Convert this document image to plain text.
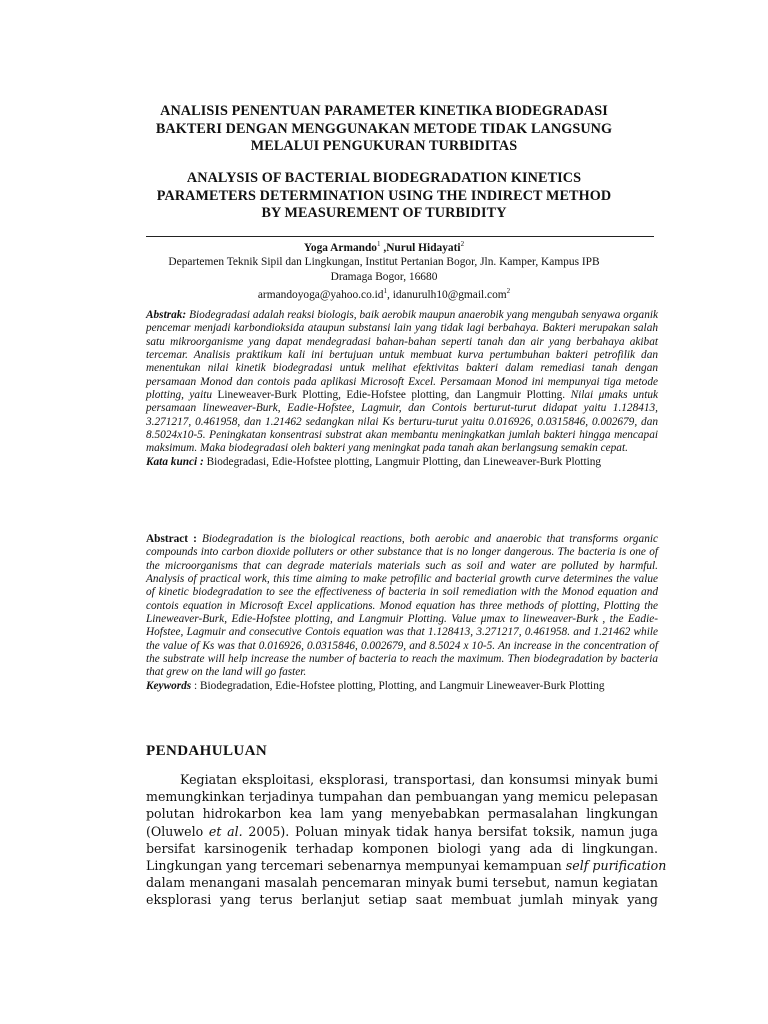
ANALISIS PENENTUAN PARAMETER KINETIKA BIODEGRADASI
BAKTERI DENGAN MENGGUNAKAN METODE TIDAK LANGSUNG
MELALUI PENGUKURAN TURBIDITAS
ANALYSIS OF BACTERIAL BIODEGRADATION KINETICS
PARAMETERS DETERMINATION USING THE INDIRECT METHOD
BY MEASUREMENT OF TURBIDITY
Yoga Armando$^1$ ,Nurul Hidayati$^2$
Departemen Teknik Sipil dan Lingkungan, Institut Pertanian Bogor, Jln. Kamper, Kampus IPB
Dramaga Bogor, 16680
$armandoyoga@yahoo.co.id^1$, idanurulh10@gmail.com$^2$
Abstrak: Biodegradasi adalah reaksi biologis, baik aerobik maupun anaerobik yang mengubah senyawa organik pencemar menjadi karbondioksida ataupun substansi lain yang tidak lagi berbahaya. Bakteri merupakan salah satu mikroorganisme yang dapat mendegradasi bahan-bahan seperti tanah dan air yang berbahaya akibat tercemar. Analisis praktikum kali ini bertujuan untuk membuat kurva pertumbuhan bakteri petrofilik dan menentukan nilai kinetik biodegradasi untuk melihat efektivitas bakteri dalam remediasi tanah dengan persamaan Monod dan contois pada aplikasi Microsoft Excel. Persamaan Monod ini mempunyai tiga metode plotting, yaitu Lineweaver-Burk Plotting, Edie-Hofstee plotting, dan Langmuir Plotting. Nilai μmaks untuk persamaan lineweaver-Burk, Eadie-Hofstee, Lagmuir, dan Contois berturut-turut didapat yaitu 1.128413, 3.271217, 0.461958, dan 1.21462 sedangkan nilai Ks berturu-turut yaitu 0.016926, 0.0315846, 0.002679, dan 8.5024x10-5. Peningkatan konsentrasi substrat akan membantu meningkatkan jumlah bakteri hingga mencapai maksimum. Maka biodegradasi oleh bakteri yang meningkat pada tanah akan berlangsung semakin cepat.
Kata kunci : Biodegradasi, Edie-Hofstee plotting, Langmuir Plotting, dan Lineweaver-Burk Plotting
Abstract : Biodegradation is the biological reactions, both aerobic and anaerobic that transforms organic compounds into carbon dioxide polluters or other substance that is no longer dangerous. The bacteria is one of the microorganisms that can degrade materials materials such as soil and water are polluted by harmful. Analysis of practical work, this time aiming to make petrofilic and bacterial growth curve determines the value of kinetic biodegradation to see the effectiveness of bacteria in soil remediation with the Monod equation and contois equation in Microsoft Excel applications. Monod equation has three methods of plotting, Plotting the Lineweaver-Burk, Edie-Hofstee plotting, and Langmuir Plotting. Value μmax to lineweaver-Burk , the Eadie-Hofstee, Lagmuir and consecutive Contois equation was that 1.128413, 3.271217, 0.461958. and 1.21462 while the value of Ks was that 0.016926, 0.0315846, 0.002679, and 8.5024 x 10-5. An increase in the concentration of the substrate will help increase the number of bacteria to reach the maximum. Then biodegradation by bacteria that grew on the land will go faster.
Keywords : Biodegradation, Edie-Hofstee plotting, Plotting, and Langmuir Lineweaver-Burk Plotting
PENDAHULUAN
Kegiatan eksploitasi, eksplorasi, transportasi, dan konsumsi minyak bumi
memungkinkan terjadinya tumpahan dan pembuangan yang memicu pelepasan
polutan hidrokarbon kea lam yang menyebabkan permasalahan lingkungan
(Oluwelo et al. 2005). Poluan minyak tidak hanya bersifat toksik, namun juga
bersifat karsinogenik terhadap komponen biologi yang ada di lingkungan.
Lingkungan yang tercemari sebenarnya mempunyai kemampuan self purification
dalam menangani masalah pencemaran minyak bumi tersebut, namun kegiatan
eksplorasi yang terus berlanjut setiap saat membuat jumlah minyak yang
